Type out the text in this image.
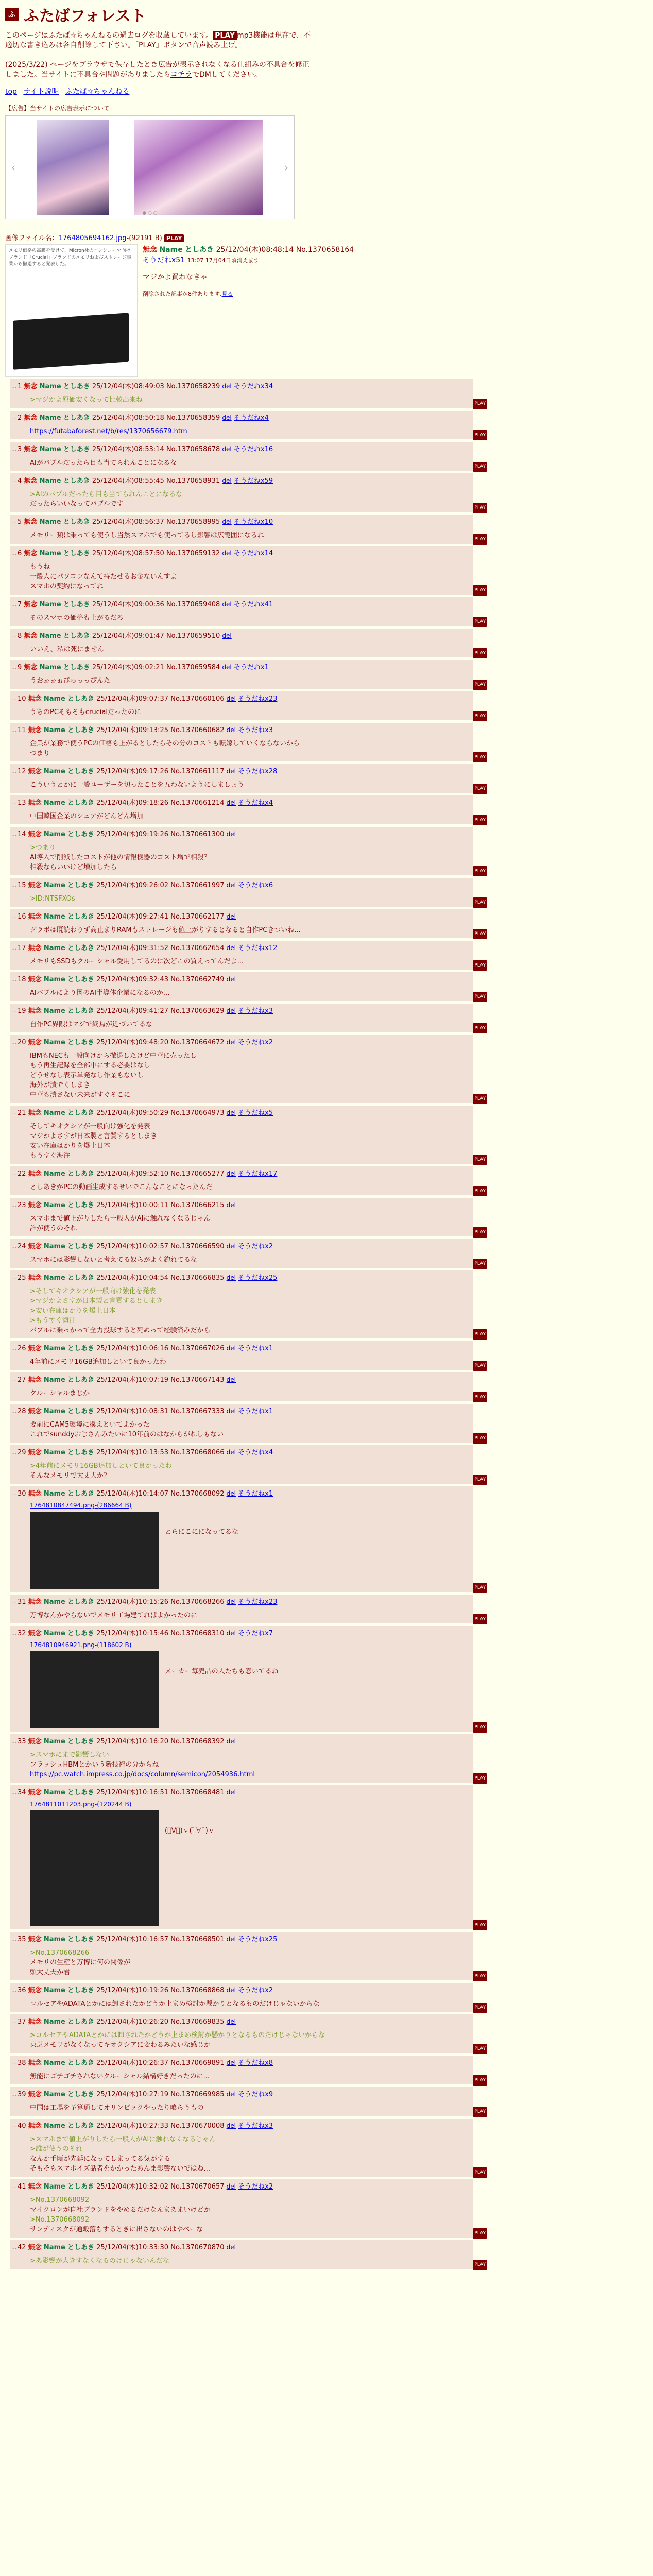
ふ ふたばフォレスト
このページはふたば☆ちゃんねるの過去ログを収蔵しています。 PLAY mp3機能は現在で、不適切な書き込みは各自削除して下さい。「PLAY」ボタンで音声読み上げ。

(2025/3/22) ページをブラウザで保存したとき広告が表示されなくなる仕組みの不具合を修正しました。当サイトに不具合や問題がありましたらコチラでDMしてください。
top サイト説明 ふたば☆ちゃんねる
【広告】当サイトの広告表示について
‹	›
● ○ ○
画像ファイル名：1764805694162.jpg-(92191 B) PLAY
メモリ価格の高騰を受けて、Micron社のコンシューマ向けブランド「Crucial」ブランドのメモリおよびストレージ事業から撤退すると発表した。
無念 Name としあき 25/12/04(木)08:48:14 No.1370658164
そうだねx51 13:07 17月04日頃消えます
マジかよ買わなきゃ
削除された記事が8件あります.見る
… 1 無念 Name としあき 25/12/04(木)08:49:03 No.1370658239 del そうだねx34
>マジかよ原価安くなって比較出来ね	PLAY
… 2 無念 Name としあき 25/12/04(木)08:50:18 No.1370658359 del そうだねx4
https://futabaforest.net/b/res/1370656679.htm	PLAY
… 3 無念 Name としあき 25/12/04(木)08:53:14 No.1370658678 del そうだねx16
AIがバブルだったら目も当てられんことになるな	PLAY
… 4 無念 Name としあき 25/12/04(木)08:55:45 No.1370658931 del そうだねx59
>AIのバブルだったら目も当てられんことになるな
だったらいいなってバブルです	PLAY
… 5 無念 Name としあき 25/12/04(木)08:56:37 No.1370658995 del そうだねx10
メモリー類は乗っても使うし当然スマホでも使ってるし影響は広範囲になるね	PLAY
… 6 無念 Name としあき 25/12/04(木)08:57:50 No.1370659132 del そうだねx14
もうね
一般人にパソコンなんて持たせるお金ないんすよ
スマホの契約になってね	PLAY
… 7 無念 Name としあき 25/12/04(木)09:00:36 No.1370659408 del そうだねx41
そのスマホの価格も上がるだろ	PLAY
… 8 無念 Name としあき 25/12/04(木)09:01:47 No.1370659510 del
いいえ、私は死にません	PLAY
… 9 無念 Name としあき 25/12/04(木)09:02:21 No.1370659584 del そうだねx1
うおぉぉぉびゅっっぴんた	PLAY
… 10 無念 Name としあき 25/12/04(木)09:07:37 No.1370660106 del そうだねx23
うちのPCそもそもcrucialだったのに	PLAY
… 11 無念 Name としあき 25/12/04(木)09:13:25 No.1370660682 del そうだねx3
企業が業務で使うPCの価格も上がるとしたらその分のコストも転嫁していくならないから
つまり	PLAY
… 12 無念 Name としあき 25/12/04(木)09:17:26 No.1370661117 del そうだねx28
こういうとかに一般ユーザーを切ったことを五わないようにしましょう	PLAY
… 13 無念 Name としあき 25/12/04(木)09:18:26 No.1370661214 del そうだねx4
中国韓国企業のシェアがどんどん増加	PLAY
… 14 無念 Name としあき 25/12/04(木)09:19:26 No.1370661300 del
>つまり
AI導入で削減したコストが他の情報機器のコスト増で相殺？
相殺ならいいけど増加したら	PLAY
… 15 無念 Name としあき 25/12/04(木)09:26:02 No.1370661997 del そうだねx6
>ID:NTSFXOs	PLAY
… 16 無念 Name としあき 25/12/04(木)09:27:41 No.1370662177 del
グラボは既読わりず高止まりRAMもストレージも値上がりするとなると自作PCきついね...	PLAY
… 17 無念 Name としあき 25/12/04(木)09:31:52 No.1370662654 del そうだねx12
メモリもSSDもクルーシャル愛用してるのに次どこの買えってんだよ...	PLAY
… 18 無念 Name としあき 25/12/04(木)09:32:43 No.1370662749 del
AIバブルにより図のAI半導体企業になるのか...	PLAY
… 19 無念 Name としあき 25/12/04(木)09:41:27 No.1370663629 del そうだねx3
自作PC界隈はマジで終焉が近づいてるな	PLAY
… 20 無念 Name としあき 25/12/04(木)09:48:20 No.1370664672 del そうだねx2
IBMもNECも一般向けから撤退したけど中華に売ったし
もう再生記録を全部中にする必要はなし
どうせなし表示単発なし作業もないし
海外が潰でくしまき
中華も潰さない未来がすぐそこに	PLAY
… 21 無念 Name としあき 25/12/04(木)09:50:29 No.1370664973 del そうだねx5
そしてキオクシアが一般向け強化を発表
マジかよさすが日本製と言質するとしまき
安い在庫はかりを爆上日本
もうすぐ海注	PLAY
… 22 無念 Name としあき 25/12/04(木)09:52:10 No.1370665277 del そうだねx17
としあきがPCの動画生成するせいでこんなことになったんだ	PLAY
… 23 無念 Name としあき 25/12/04(木)10:00:11 No.1370666215 del
スマホまで値上がりしたら一般人がAIに触れなくなるじゃん
誰が使うのそれ	PLAY
… 24 無念 Name としあき 25/12/04(木)10:02:57 No.1370666590 del そうだねx2
スマホには影響しないと考えてる奴らがよく釣れてるな	PLAY
… 25 無念 Name としあき 25/12/04(木)10:04:54 No.1370666835 del そうだねx25
>そしてキオクシアが一般向け強化を発表
>マジかよさすが日本製と言質するとしまき
>安い在庫はかりを爆上日本
>もうすぐ海注
バブルに乗っかって全力投球すると死ぬって経験済みだから	PLAY
… 26 無念 Name としあき 25/12/04(木)10:06:16 No.1370667026 del そうだねx1
4年前にメモリ16GB追加しといて良かったわ	PLAY
… 27 無念 Name としあき 25/12/04(木)10:07:19 No.1370667143 del
クルーシャルまじか	PLAY
… 28 無念 Name としあき 25/12/04(木)10:08:31 No.1370667333 del そうだねx1
要前にCAM5環境に換えといてよかった
これでsunddyおじさんみたいに10年前のはなからがれしもない	PLAY
… 29 無念 Name としあき 25/12/04(木)10:13:53 No.1370668066 del そうだねx4
>4年前にメモリ16GB追加しといて良かったわ
そんなメモリで大丈夫か？	PLAY
… 30 無念 Name としあき 25/12/04(木)10:14:07 No.1370668092 del そうだねx1
1764810847494.png-(286664 B)
とらにこにになってるな
PLAY
… 31 無念 Name としあき 25/12/04(木)10:15:26 No.1370668266 del そうだねx23
万博なんかやらないでメモリ工場建てればよかったのに	PLAY
… 32 無念 Name としあき 25/12/04(木)10:15:46 No.1370668310 del そうだねx7
1764810946921.png-(118602 B)
メーカー毎売品の人たちも窓いてるね
PLAY
… 33 無念 Name としあき 25/12/04(木)10:16:20 No.1370668392 del
>スマホにまで影響しない
フラッシュHBMとかいう新技術の分からね
https://pc.watch.impress.co.jp/docs/column/semicon/2054936.html	PLAY
… 34 無念 Name としあき 25/12/04(木)10:16:51 No.1370668481 del
1764811011203.png-(120244 B)
(ﾟ∀ﾟ)ｖ(ﾟ∀ﾟ)ｖ
PLAY
… 35 無念 Name としあき 25/12/04(木)10:16:57 No.1370668501 del そうだねx25
>No.1370668266
メモリの生産と万博に何の関係が
頭大丈夫か君	PLAY
… 36 無念 Name としあき 25/12/04(木)10:19:26 No.1370668868 del そうだねx2
コルセアやADATAとかには卸されたかどうか上まめ検討か懸かりとなるものだけじゃないからな	PLAY
… 37 無念 Name としあき 25/12/04(木)10:26:20 No.1370669835 del
>コルセアやADATAとかには卸されたかどうか上まめ検討か懸かりとなるものだけじゃないからな
東芝メモリがなくなってキオクシアに変わるみたいな感じか	PLAY
… 38 無念 Name としあき 25/12/04(木)10:26:37 No.1370669891 del そうだねx8
無能にゴチゴチされないクルーシャル結構好きだったのに...	PLAY
… 39 無念 Name としあき 25/12/04(木)10:27:19 No.1370669985 del そうだねx9
中国は工場を予算通してオリンピックやったり喰らうもの	PLAY
… 40 無念 Name としあき 25/12/04(木)10:27:33 No.1370670008 del そうだねx3
>スマホまで値上がりしたら一般人がAIに触れなくなるじゃん
>誰が使うのそれ
なんか手頃が先延になってしまってる気がする
そもそもスマホイズ話者をかかったあんま影響ないではね...	PLAY
… 41 無念 Name としあき 25/12/04(木)10:32:02 No.1370670657 del そうだねx2
>No.1370668092
マイクロンが自社ブランドをやめるだけなんまあまいけどか
>No.1370668092
サンディスクが通販落ちするときに出さないのはやべーな	PLAY
… 42 無念 Name としあき 25/12/04(木)10:33:30 No.1370670870 del
>あ影響が大きすなくなるのけじゃないんだな	PLAY
